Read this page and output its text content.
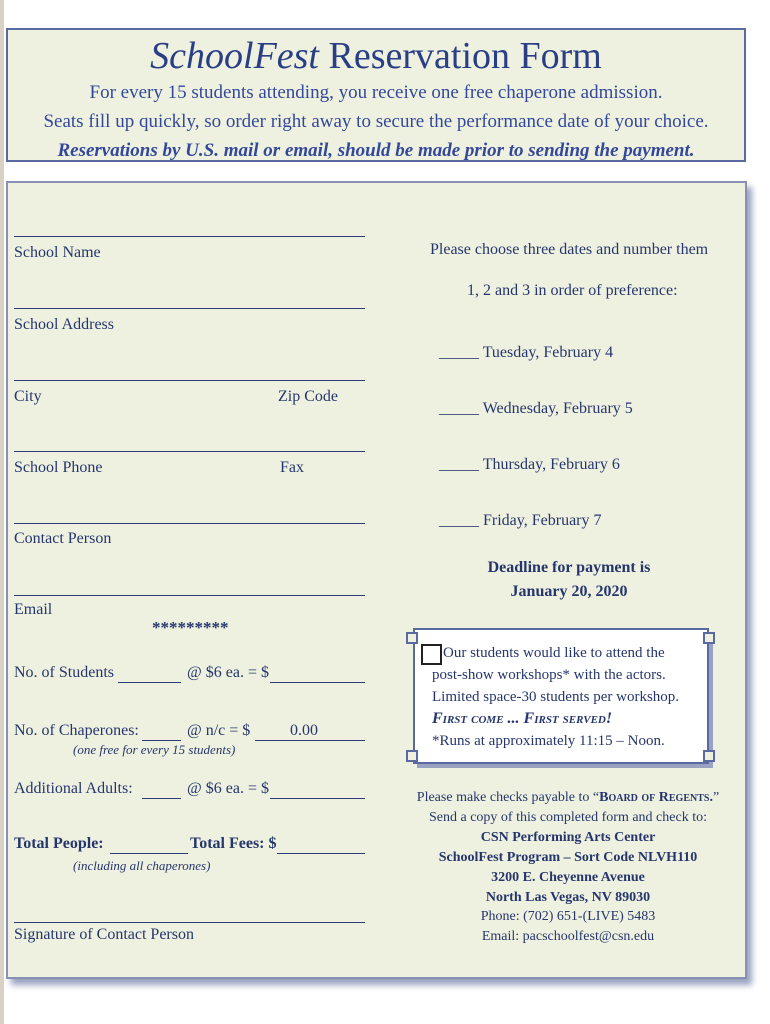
SchoolFest Reservation Form
For every 15 students attending, you receive one free chaperone admission.
Seats fill up quickly, so order right away to secure the performance date of your choice.
Reservations by U.S. mail or email, should be made prior to sending the payment.
School Name
School Address
City	Zip Code
School Phone	Fax
Contact Person
Email
*********
No. of Students	@ $6 ea. = $
No. of Chaperones:	@ n/c = $ 0.00
(one free for every 15 students)
Additional Adults:	@ $6 ea. = $
Total People:	Total Fees: $
(including all chaperones)
Signature of Contact Person
Please choose three dates and number them
1, 2 and 3 in order of preference:
_____ Tuesday, February 4
_____ Wednesday, February 5
_____ Thursday, February 6
_____ Friday, February 7
Deadline for payment is
January 20, 2020
Our students would like to attend the
post-show workshops* with the actors.
Limited space-30 students per workshop.
First come ... First served!
*Runs at approximately 11:15 – Noon.
Please make checks payable to “Board of Regents.”
Send a copy of this completed form and check to:
CSN Performing Arts Center
SchoolFest Program – Sort Code NLVH110
3200 E. Cheyenne Avenue
North Las Vegas, NV 89030
Phone: (702) 651-(LIVE) 5483
Email: pacschoolfest@csn.edu
